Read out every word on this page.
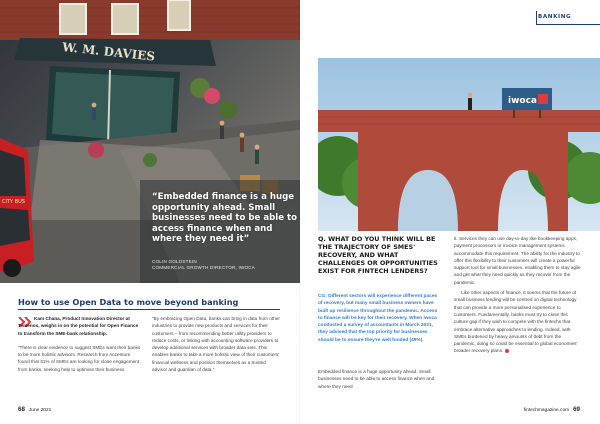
W. M. DAVIES
CITY BUS	“Embedded finance is a huge opportunity ahead. Small businesses need to be able to access finance when and where they need it”
COLIN GOLDSTEIN
COMMERCIAL GROWTH DIRECTOR, IWOCA
How to use Open Data to move beyond banking

Kam Chana, Product Innovation Director at Temenos, weighs in on the potential for Open Finance to transform the SME-bank relationship.

“There is clear evidence to suggest SMEs want their banks to be more holistic advisors. Research from Accenture found that 31% of SMEs are looking for close engagement from banks, seeking help to optimise their business

“By embracing Open Data, banks can bring in data from other industries to provide new products and services for their customers – from recommending better utility providers to reduce costs, or linking with accounting software providers to develop additional services with broader data sets. This enables banks to take a more holistic view of their customers' financial wellness and position themselves as a trusted advisor and guardian of data.”

68 June 2021
BANKING
iwoca
Q. WHAT DO YOU THINK WILL BE THE TRAJECTORY OF SMES' RECOVERY, AND WHAT CHALLENGES OR OPPORTUNITIES EXIST FOR FINTECH LENDERS?

CG: Different sectors will experience different paces of recovery, but many small business owners have built up resilience throughout the pandemic. Access to finance will be key for their recovery. When iwoca conducted a survey of accountants in March 2021, they advised that the top priority for businesses should be to ensure they're well funded (49%).

Embedded finance is a huge opportunity ahead. Small businesses need to be able to access finance when and where they need

it. Services they can use day-to-day like bookkeeping apps, payment processors or invoice management systems accommodate this requirement. The ability for the industry to offer this flexibility to their customers will create a powerful support tool for small businesses, enabling them to stay agile and get what they need quickly as they recover from the pandemic.

Like other aspects of finance, it seems that the future of small business lending will be centred on digital technology that can provide a more personalised experience to customers. Fundamentally, banks must try to close this culture gap if they wish to compete with the fintechs that embrace alternative approaches to lending. Indeed, with SMEs burdened by heavy amounts of debt from the pandemic, doing so could be essential to global economies' broader recovery plans.

fintechmagazine.com 69
